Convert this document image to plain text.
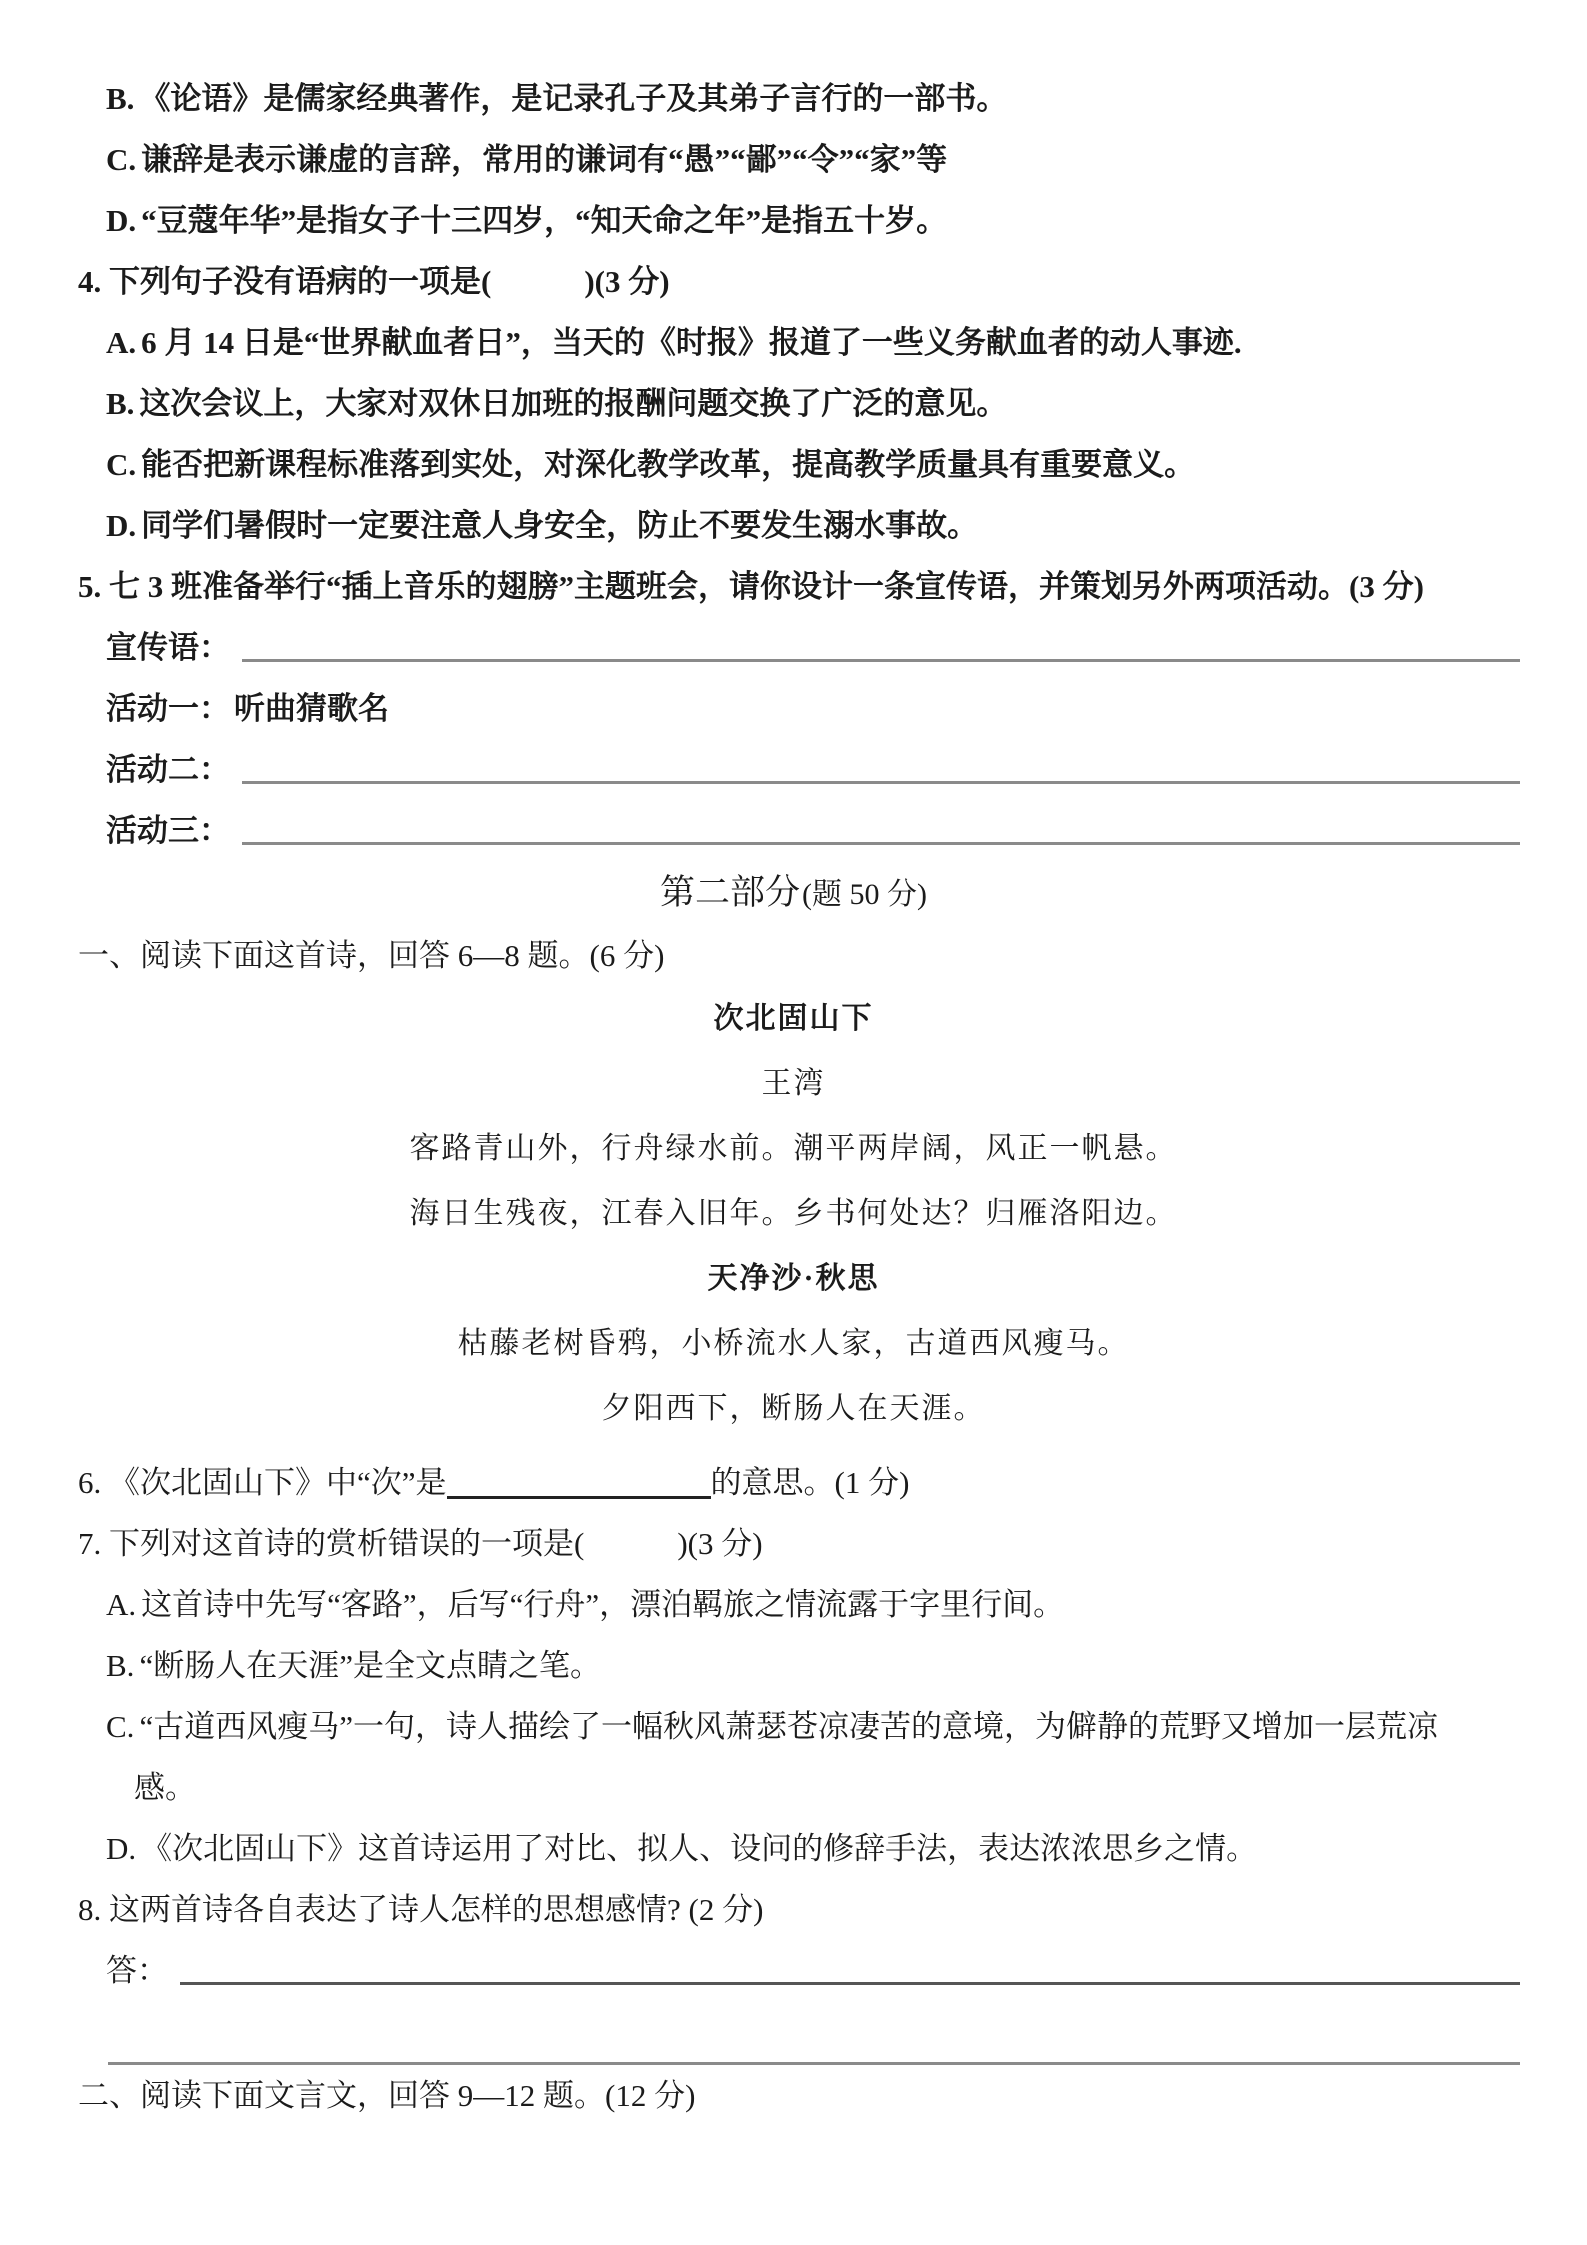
B. 《论语》是儒家经典著作，是记录孔子及其弟子言行的一部书。
C. 谦辞是表示谦虚的言辞，常用的谦词有“愚”“鄙”“令”“家”等
D. “豆蔻年华”是指女子十三四岁，“知天命之年”是指五十岁。
4. 下列句子没有语病的一项是(　　　)(3 分)
A. 6 月 14 日是“世界献血者日”，当天的《时报》报道了一些义务献血者的动人事迹.
B. 这次会议上，大家对双休日加班的报酬问题交换了广泛的意见。
C. 能否把新课程标准落到实处，对深化教学改革，提高教学质量具有重要意义。
D. 同学们暑假时一定要注意人身安全，防止不要发生溺水事故。
5. 七 3 班准备举行“插上音乐的翅膀”主题班会，请你设计一条宣传语，并策划另外两项活动。(3 分)
宣传语：
活动一： 听曲猜歌名
活动二：
活动三：
第二部分(题 50 分)
一、阅读下面这首诗，回答 6—8 题。(6 分)
次北固山下
王湾
客路青山外，行舟绿水前。潮平两岸阔，风正一帆悬。
海日生残夜，江春入旧年。乡书何处达？归雁洛阳边。
天净沙·秋思
枯藤老树昏鸦，小桥流水人家，古道西风瘦马。
夕阳西下，断肠人在天涯。
6. 《次北固山下》中“次”是	的意思。(1 分)
7. 下列对这首诗的赏析错误的一项是(　　　)(3 分)
A. 这首诗中先写“客路”，后写“行舟”，漂泊羁旅之情流露于字里行间。
B. “断肠人在天涯”是全文点睛之笔。
C. “古道西风瘦马”一句，诗人描绘了一幅秋风萧瑟苍凉凄苦的意境，为僻静的荒野又增加一层荒凉
感。
D. 《次北固山下》这首诗运用了对比、拟人、设问的修辞手法，表达浓浓思乡之情。
8. 这两首诗各自表达了诗人怎样的思想感情? (2 分)
答：
二、阅读下面文言文，回答 9—12 题。(12 分)
